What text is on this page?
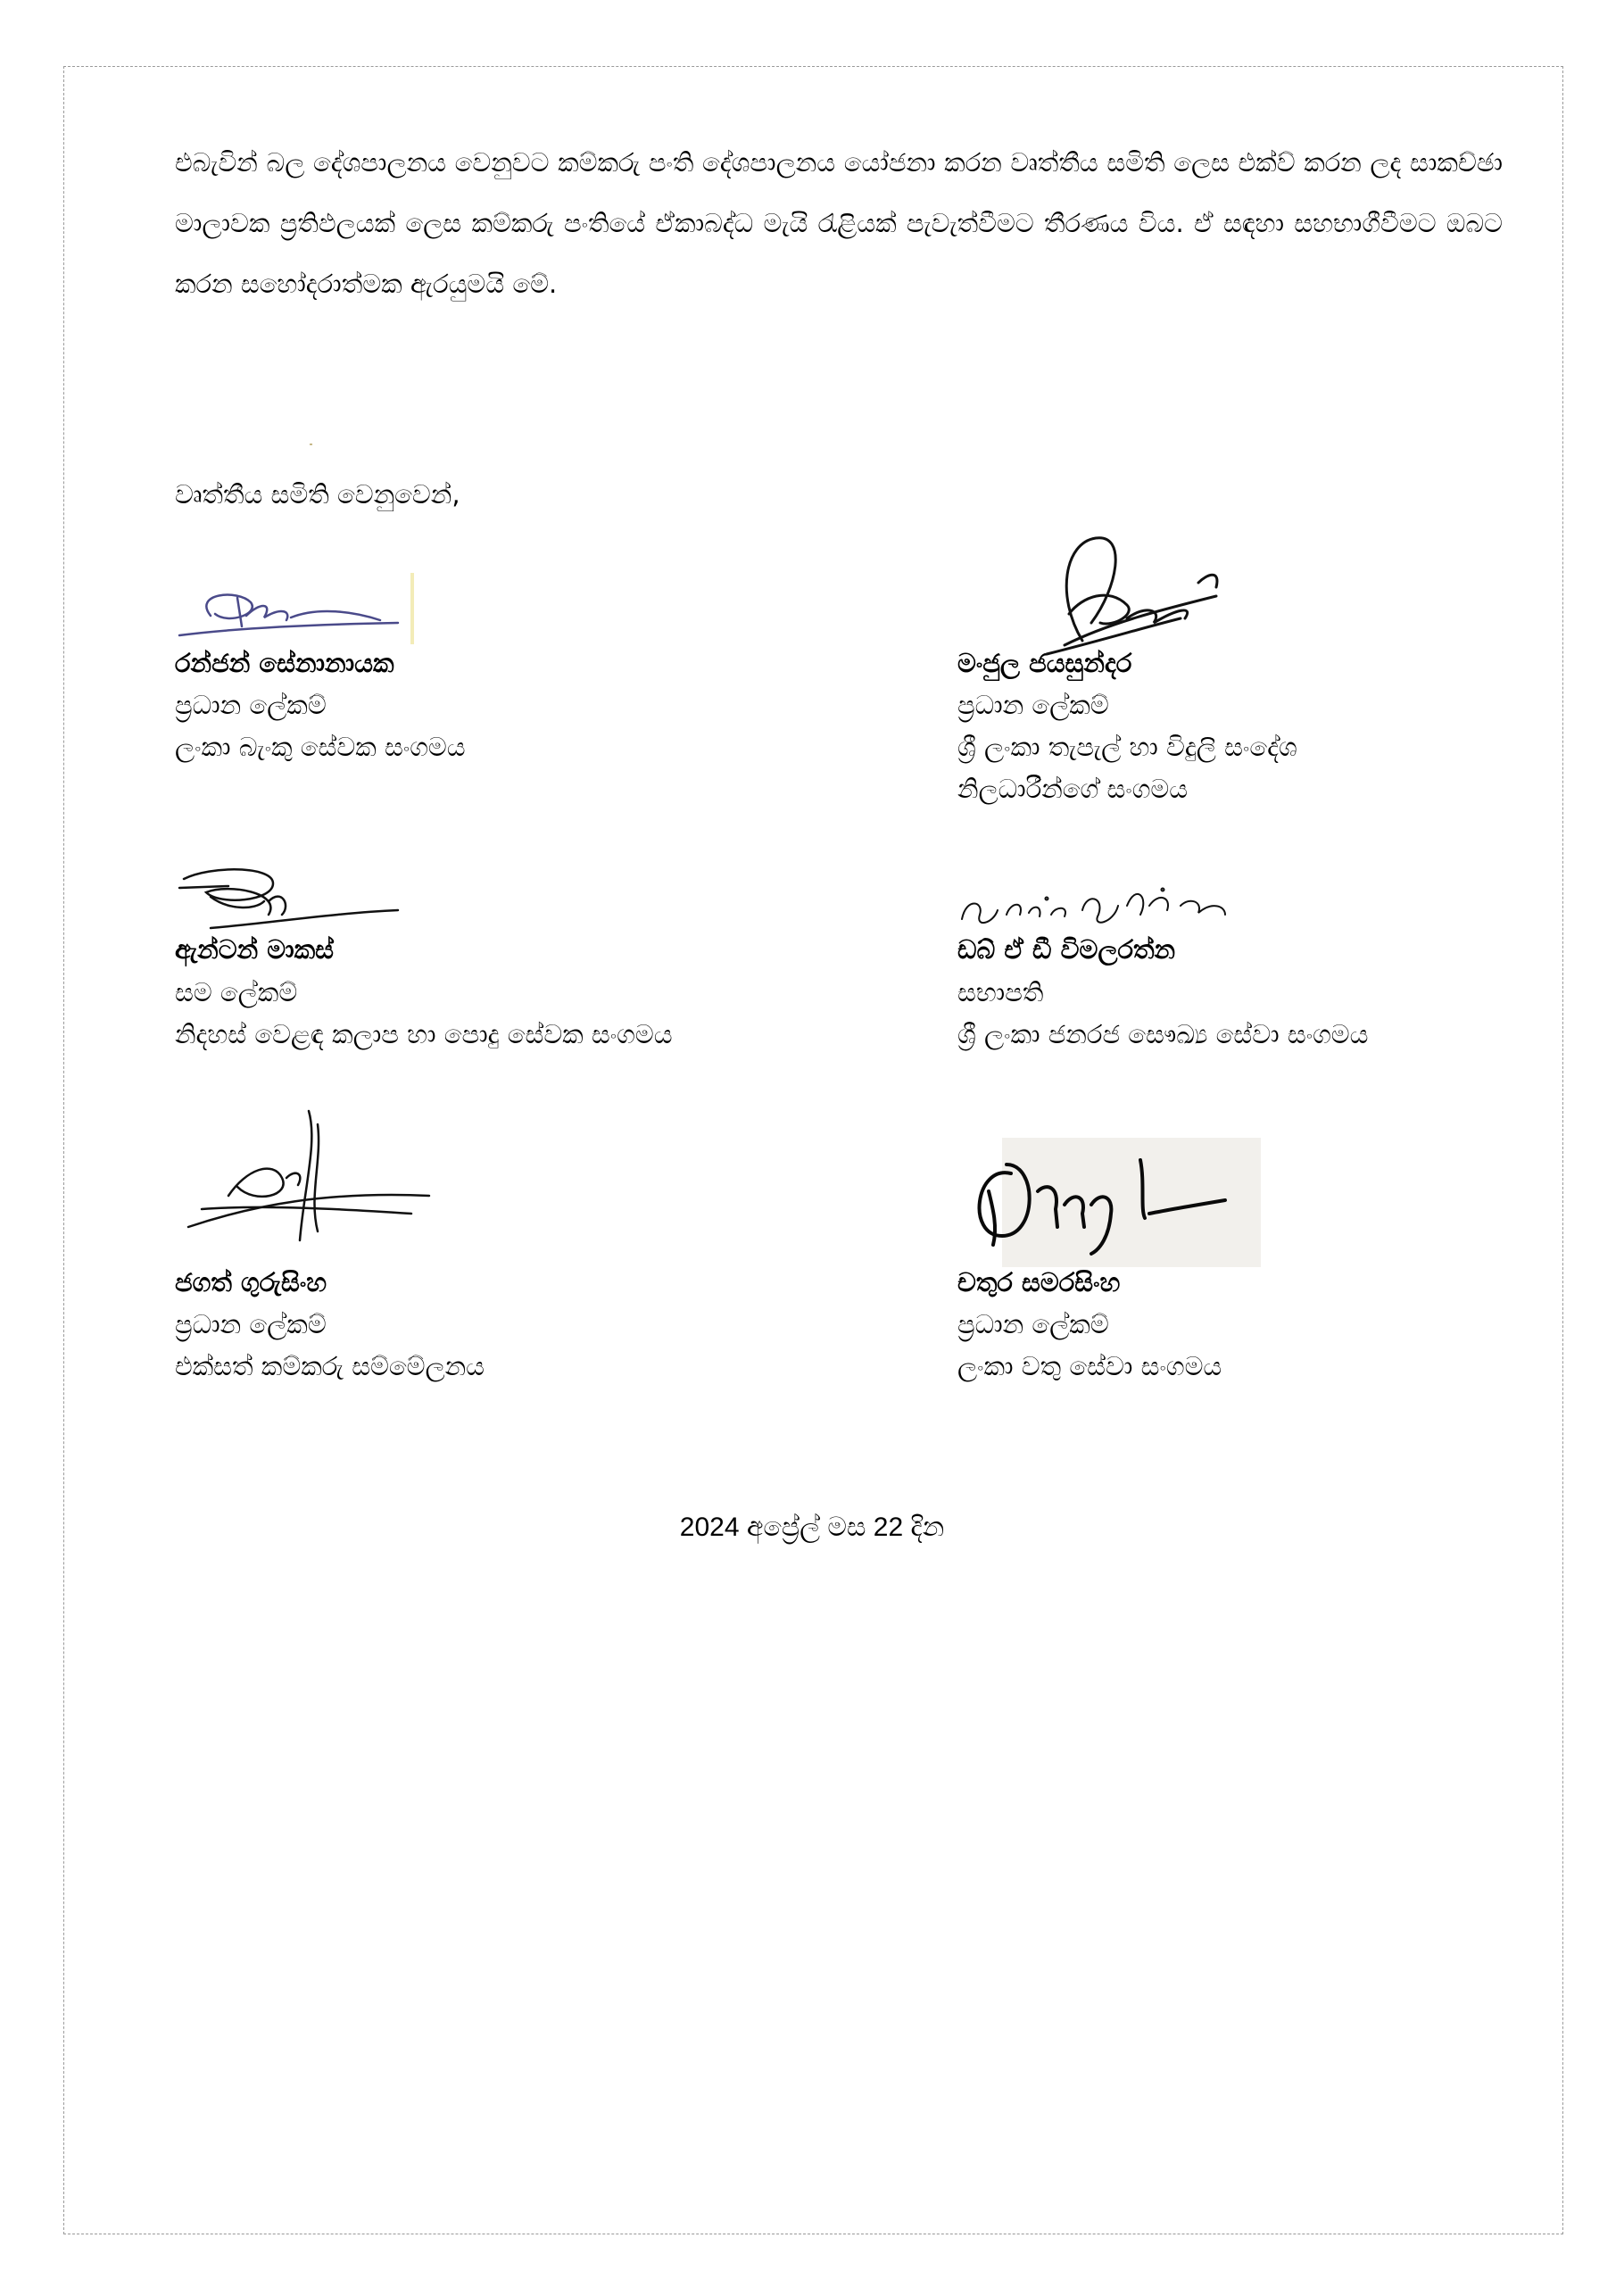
එබැවින් බල දේශපාලනය වෙනුවට කම්කරු පංති දේශපාලනය යෝජනා කරන වෘත්තීය සමිති ලෙස එක්ව් කරන ලද සාකච්ඡා මාලාවක ප්‍රතිඵලයක් ලෙස කම්කරු පංතියේ ඒකාබද්ධ මැයි රැළියක් පැවැත්වීමට තීරණය විය. ඒ සඳහා සහභාගීවීමට ඔබට කරන සහෝදරාත්මක ඇරයුමයි මේ.

වෘත්තීය සමිති වෙනුවෙන්,

රන්ජන් සේනානායක
ප්‍රධාන ලේකම්
ලංකා බැංකු සේවක සංගමය
මංජුල ජයසුන්දර
ප්‍රධාන ලේකම්
ශ්‍රී ලංකා තැපැල් හා විදුලි සංදේශ
නිලධාරීන්ගේ සංගමය
ඇන්ටන් මාකස්
සම ලේකම්
නිදහස් වෙළඳ කලාප හා පොදු සේවක සංගමය
ඩබ් ඒ ඩී විමලරත්න
සභාපති
ශ්‍රී ලංකා ජනරජ සෞඛ්‍ය සේවා සංගමය
ජගත් ගුරුසිංහ
ප්‍රධාන ලේකම්
එක්සත් කම්කරු සම්මේලනය
චතුර සමරසිංහ
ප්‍රධාන ලේකම්
ලංකා වතු සේවා සංගමය
2024 අප්‍රේල් මස 22 දින
